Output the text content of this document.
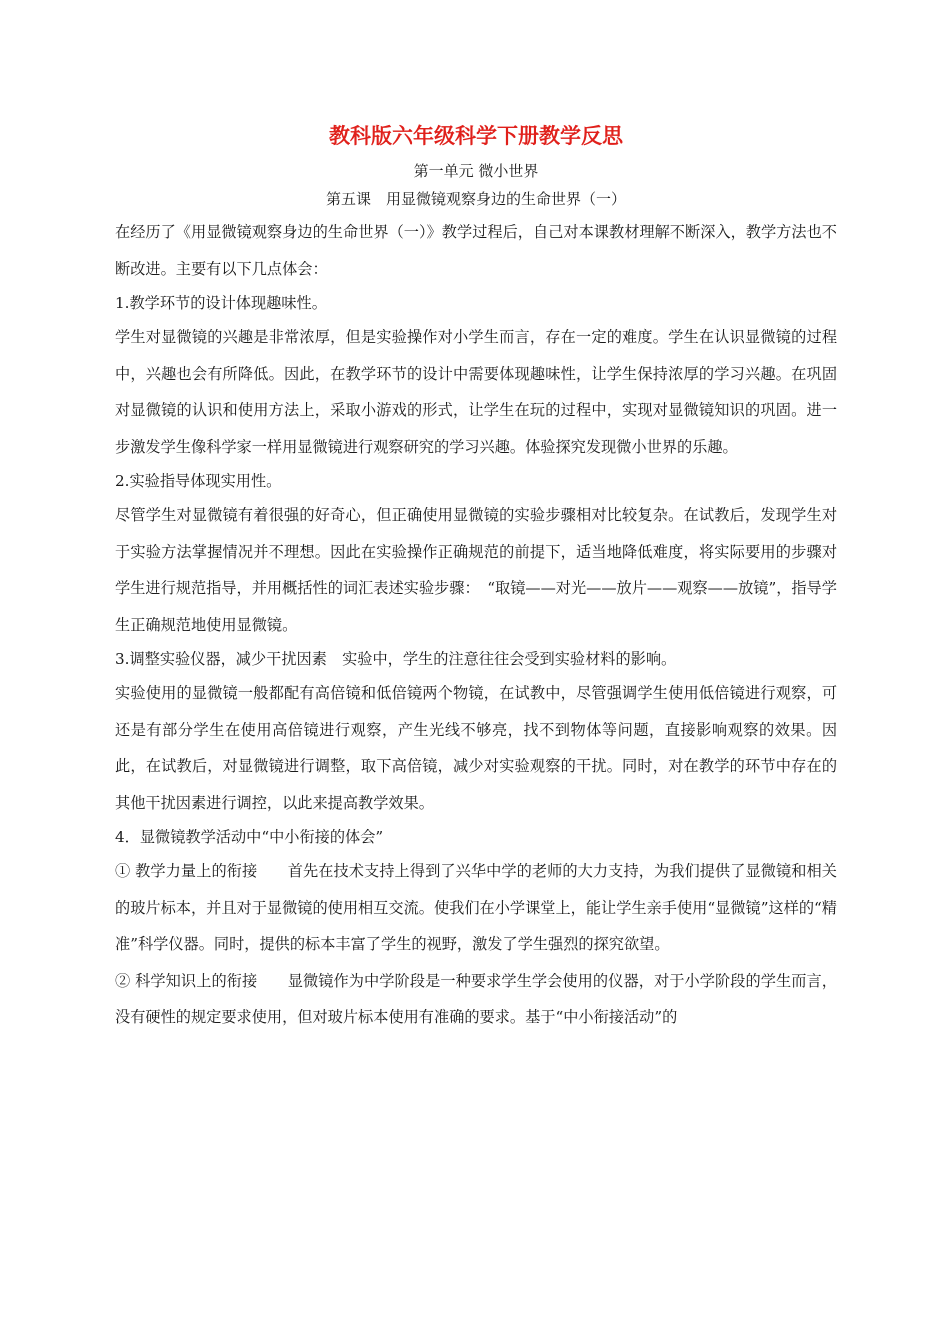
教科版六年级科学下册教学反思

第一单元 微小世界

第五课　用显微镜观察身边的生命世界（一）

在经历了《用显微镜观察身边的生命世界（一）》教学过程后，自己对本课教材理解不断深入，教学方法也不断改进。主要有以下几点体会：

1.教学环节的设计体现趣味性。

学生对显微镜的兴趣是非常浓厚，但是实验操作对小学生而言，存在一定的难度。学生在认识显微镜的过程中，兴趣也会有所降低。因此，在教学环节的设计中需要体现趣味性，让学生保持浓厚的学习兴趣。在巩固对显微镜的认识和使用方法上，采取小游戏的形式，让学生在玩的过程中，实现对显微镜知识的巩固。进一步激发学生像科学家一样用显微镜进行观察研究的学习兴趣。体验探究发现微小世界的乐趣。

2.实验指导体现实用性。

尽管学生对显微镜有着很强的好奇心，但正确使用显微镜的实验步骤相对比较复杂。在试教后，发现学生对于实验方法掌握情况并不理想。因此在实验操作正确规范的前提下，适当地降低难度，将实际要用的步骤对学生进行规范指导，并用概括性的词汇表述实验步骤：　“取镜——对光——放片——观察——放镜”，指导学生正确规范地使用显微镜。

3.调整实验仪器，减少干扰因素　实验中，学生的注意往往会受到实验材料的影响。

实验使用的显微镜一般都配有高倍镜和低倍镜两个物镜，在试教中，尽管强调学生使用低倍镜进行观察，可还是有部分学生在使用高倍镜进行观察，产生光线不够亮，找不到物体等问题，直接影响观察的效果。因此，在试教后，对显微镜进行调整，取下高倍镜，减少对实验观察的干扰。同时，对在教学的环节中存在的其他干扰因素进行调控，以此来提高教学效果。

4．显微镜教学活动中“中小衔接的体会”

① 教学力量上的衔接　　首先在技术支持上得到了兴华中学的老师的大力支持，为我们提供了显微镜和相关的玻片标本，并且对于显微镜的使用相互交流。使我们在小学课堂上，能让学生亲手使用“显微镜”这样的“精准”科学仪器。同时，提供的标本丰富了学生的视野，激发了学生强烈的探究欲望。

② 科学知识上的衔接　　显微镜作为中学阶段是一种要求学生学会使用的仪器，对于小学阶段的学生而言，没有硬性的规定要求使用，但对玻片标本使用有准确的要求。基于“中小衔接活动”的
